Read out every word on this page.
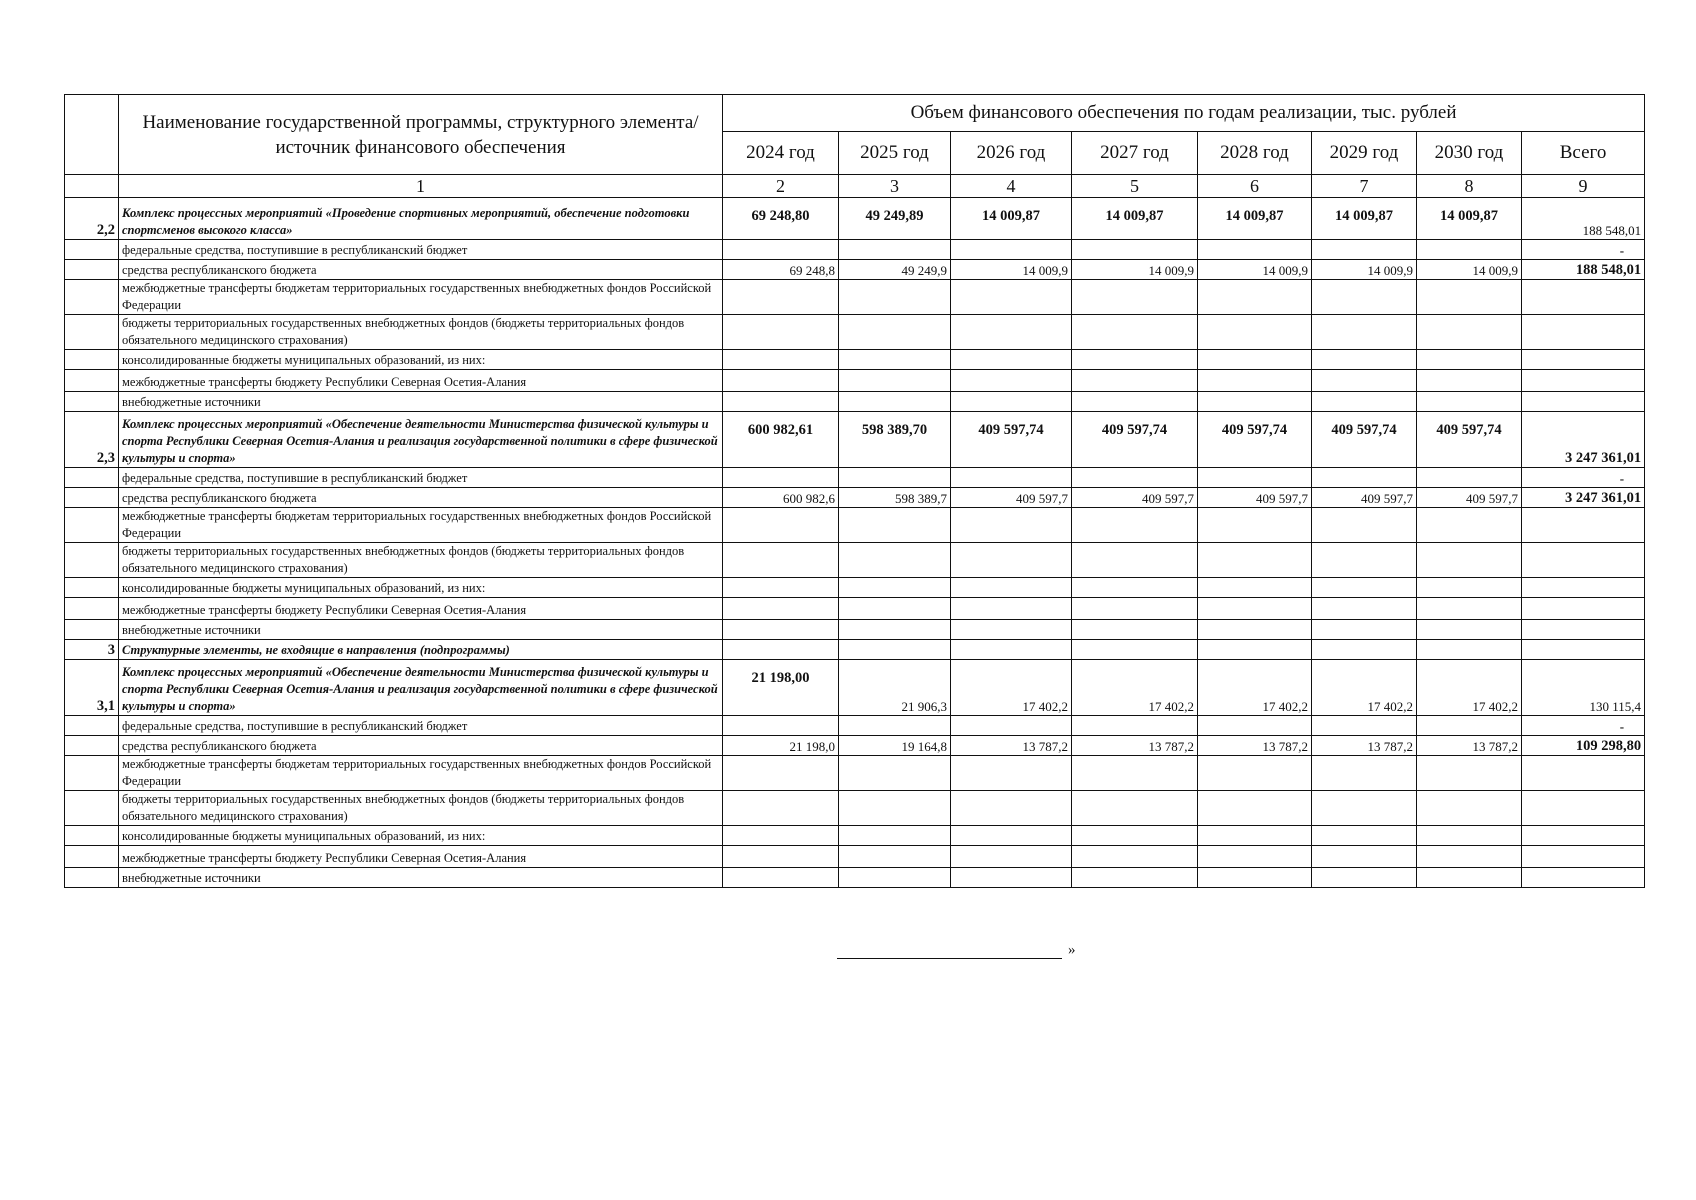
	Наименование государственной программы, структурного элемента/источник финансового обеспечения	Объем финансового обеспечения по годам реализации, тыс. рублей							
		2024 год	2025 год	2026 год	2027 год	2028 год	2029 год	2030 год	Всего
	1	2	3	4	5	6	7	8	9
2,2	Комплекс процессных мероприятий «Проведение спортивных мероприятий, обеспечение подготовки спортсменов высокого класса»	69 248,80	49 249,89	14 009,87	14 009,87	14 009,87	14 009,87	14 009,87	188 548,01
	федеральные средства, поступившие в республиканский бюджет								-
	средства республиканского бюджета	69 248,8	49 249,9	14 009,9	14 009,9	14 009,9	14 009,9	14 009,9	188 548,01
	межбюджетные трансферты бюджетам территориальных государственных внебюджетных фондов Российской Федерации								
	бюджеты территориальных государственных внебюджетных фондов (бюджеты территориальных фондов обязательного медицинского страхования)								
	консолидированные бюджеты муниципальных образований, из них:								
	межбюджетные трансферты бюджету Республики Северная Осетия-Алания								
	внебюджетные источники								
2,3	Комплекс процессных мероприятий «Обеспечение деятельности Министерства физической культуры и спорта Республики Северная Осетия-Алания и реализация государственной политики в сфере физической культуры и спорта»	600 982,61	598 389,70	409 597,74	409 597,74	409 597,74	409 597,74	409 597,74	3 247 361,01
	федеральные средства, поступившие в республиканский бюджет								-
	средства республиканского бюджета	600 982,6	598 389,7	409 597,7	409 597,7	409 597,7	409 597,7	409 597,7	3 247 361,01
	межбюджетные трансферты бюджетам территориальных государственных внебюджетных фондов Российской Федерации								
	бюджеты территориальных государственных внебюджетных фондов (бюджеты территориальных фондов обязательного медицинского страхования)								
	консолидированные бюджеты муниципальных образований, из них:								
	межбюджетные трансферты бюджету Республики Северная Осетия-Алания								
	внебюджетные источники								
3	Структурные элементы, не входящие в направления (подпрограммы)								
3,1	Комплекс процессных мероприятий «Обеспечение деятельности Министерства физической культуры и спорта Республики Северная Осетия-Алания и реализация государственной политики в сфере физической культуры и спорта»	21 198,00	21 906,3	17 402,2	17 402,2	17 402,2	17 402,2	17 402,2	130 115,4
	федеральные средства, поступившие в республиканский бюджет								-
	средства республиканского бюджета	21 198,0	19 164,8	13 787,2	13 787,2	13 787,2	13 787,2	13 787,2	109 298,80
	межбюджетные трансферты бюджетам территориальных государственных внебюджетных фондов Российской Федерации								
	бюджеты территориальных государственных внебюджетных фондов (бюджеты территориальных фондов обязательного медицинского страхования)								
	консолидированные бюджеты муниципальных образований, из них:								
	межбюджетные трансферты бюджету Республики Северная Осетия-Алания								
	внебюджетные источники								
»
